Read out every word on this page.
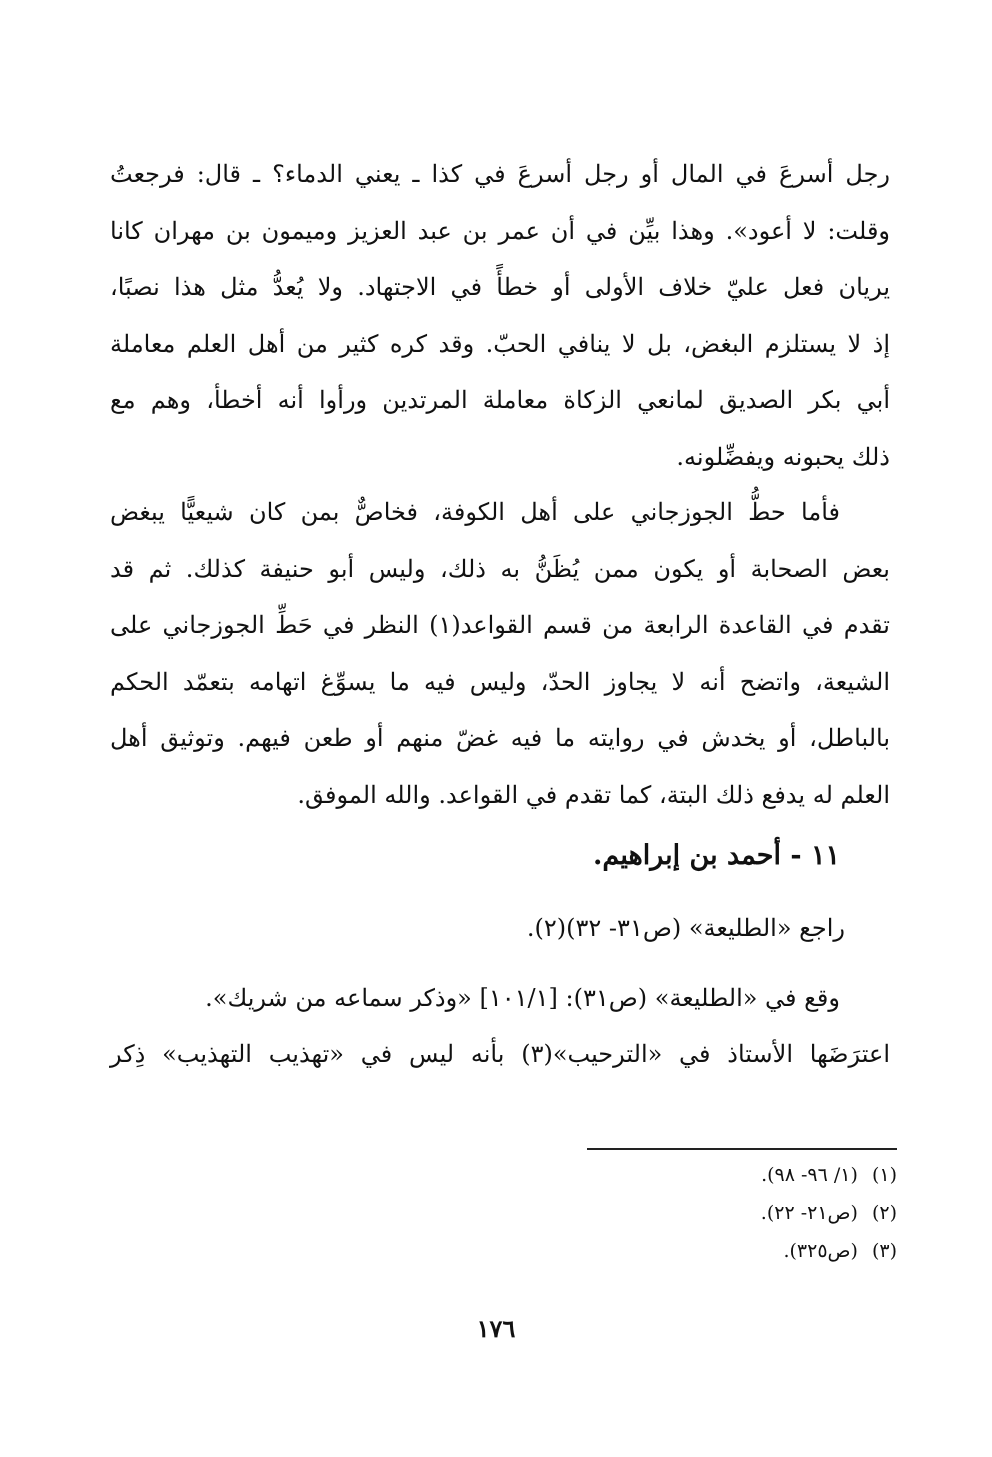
رجل أسرعَ في المال أو رجل أسرعَ في كذا ـ يعني الدماء؟ ـ قال: فرجعتُ
وقلت: لا أعود». وهذا بيِّن في أن عمر بن عبد العزيز وميمون بن مهران كانا
يريان فعل عليّ خلاف الأولى أو خطأً في الاجتهاد. ولا يُعدُّ مثل هذا نصبًا،
إذ لا يستلزم البغض، بل لا ينافي الحبّ. وقد كره كثير من أهل العلم معاملة
أبي بكر الصديق لمانعي الزكاة معاملة المرتدين ورأوا أنه أخطأ، وهم مع
ذلك يحبونه ويفضِّلونه.
فأما حطُّ الجوزجاني على أهل الكوفة، فخاصٌّ بمن كان شيعيًّا يبغض
بعض الصحابة أو يكون ممن يُظَنُّ به ذلك، وليس أبو حنيفة كذلك. ثم قد
تقدم في القاعدة الرابعة من قسم القواعد(١) النظر في حَطِّ الجوزجاني على
الشيعة، واتضح أنه لا يجاوز الحدّ، وليس فيه ما يسوِّغ اتهامه بتعمّد الحكم
بالباطل، أو يخدش في روايته ما فيه غضّ منهم أو طعن فيهم. وتوثيق أهل
العلم له يدفع ذلك البتة، كما تقدم في القواعد. والله الموفق.
١١ - أحمد بن إبراهيم.
راجع «الطليعة» (ص٣١- ٣٢)(٢).
وقع في «الطليعة» (ص٣١): [١٠١/١] «وذكر سماعه من شريك».
اعترَضَها الأستاذ في «الترحيب»(٣) بأنه ليس في «تهذيب التهذيب» ذِكر
(١)(١/ ٩٦- ٩٨).
(٢)(ص٢١- ٢٢).
(٣)(ص٣٢٥).
١٧٦
